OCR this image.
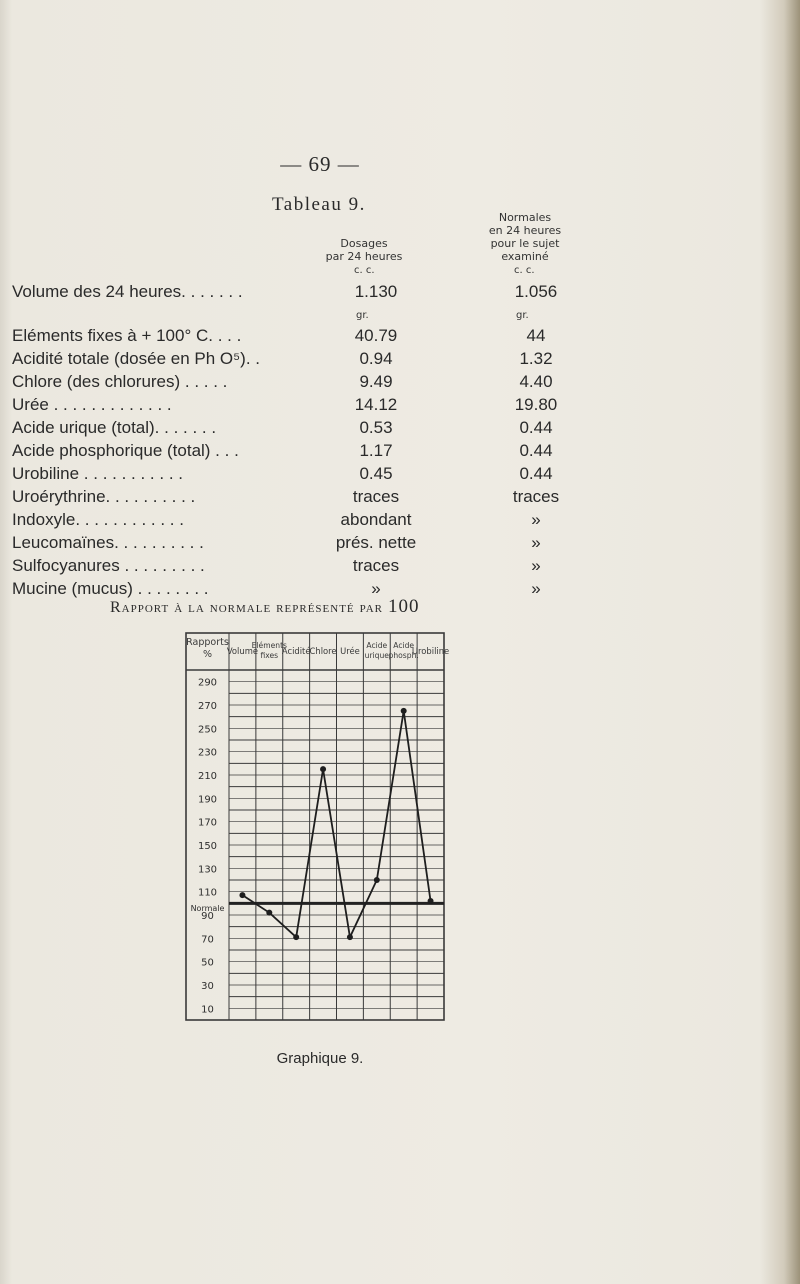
— 69 —
Tableau 9.
Dosages
par 24 heures
Normales
en 24 heures
pour le sujet
examiné
c. c.	c. c.
gr.	gr.
Volume des 24 heures. . . . . . .	1.130	1.056
Eléments fixes à + 100° C. . . .	40.79	44
Acidité totale (dosée en Ph O⁵). .	0.94	1.32
Chlore (des chlorures) . . . . .	9.49	4.40
Urée . . . . . . . . . . . . .	14.12	19.80
Acide urique (total). . . . . . .	0.53	0.44
Acide phosphorique (total) . . .	1.17	0.44
Urobiline . . . . . . . . . . .	0.45	0.44
Uroérythrine. . . . . . . . . .	traces	traces
Indoxyle. . . . . . . . . . . .	abondant	»
Leucomaïnes. . . . . . . . . .	prés. nette	»
Sulfocyanures . . . . . . . . .	traces	»
Mucine (mucus) . . . . . . . .	»	»
Rapport à la normale représenté par 100
Rapports
% Volume
Eléments
fixes Acidité Chlore Urée
Acide
urique
Acide
phosph.
Urobiline
290
270
250
230
210
190
170
150
130
110
Normale
90
70
50
30
10
Graphique 9.
